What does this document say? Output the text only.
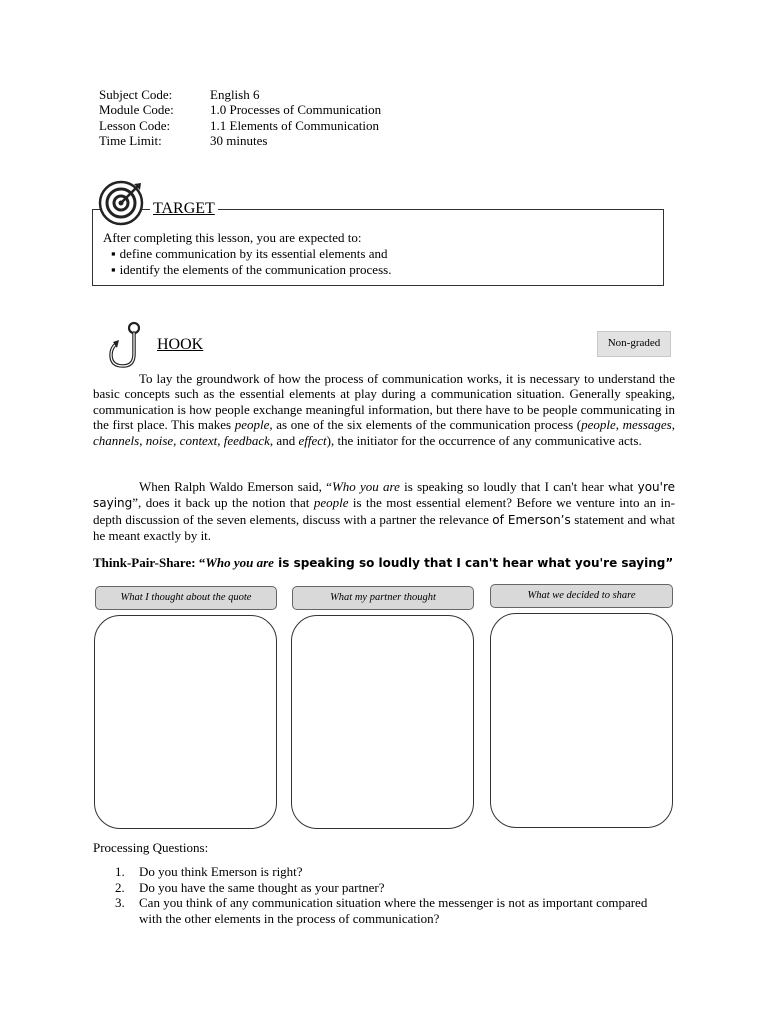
Subject Code:	English 6
Module Code:	1.0 Processes of Communication
Lesson Code:	1.1 Elements of Communication
Time Limit:	30 minutes
After completing this lesson, you are expected to:
▪ define communication by its essential elements and
▪ identify the elements of the communication process.
TARGET
HOOK	Non-graded

To lay the groundwork of how the process of communication works, it is necessary to understand the basic concepts such as the essential elements at play during a communication situation. Generally speaking, communication is how people exchange meaningful information, but there have to be people communicating in the first place. This makes people, as one of the six elements of the communication process (people, messages, channels, noise, context, feedback, and effect), the initiator for the occurrence of any communicative acts.

When Ralph Waldo Emerson said, “Who you are is speaking so loudly that I can't hear what you're saying”, does it back up the notion that people is the most essential element? Before we venture into an in-depth discussion of the seven elements, discuss with a partner the relevance of Emerson’s statement and what he meant exactly by it.

Think-Pair-Share: “Who you are is speaking so loudly that I can't hear what you're saying”
What I thought about the quote	What my partner thought	What we decided to share
Processing Questions:
1. Do you think Emerson is right?
2. Do you have the same thought as your partner?
3. Can you think of any communication situation where the messenger is not as important compared with the other elements in the process of communication?
